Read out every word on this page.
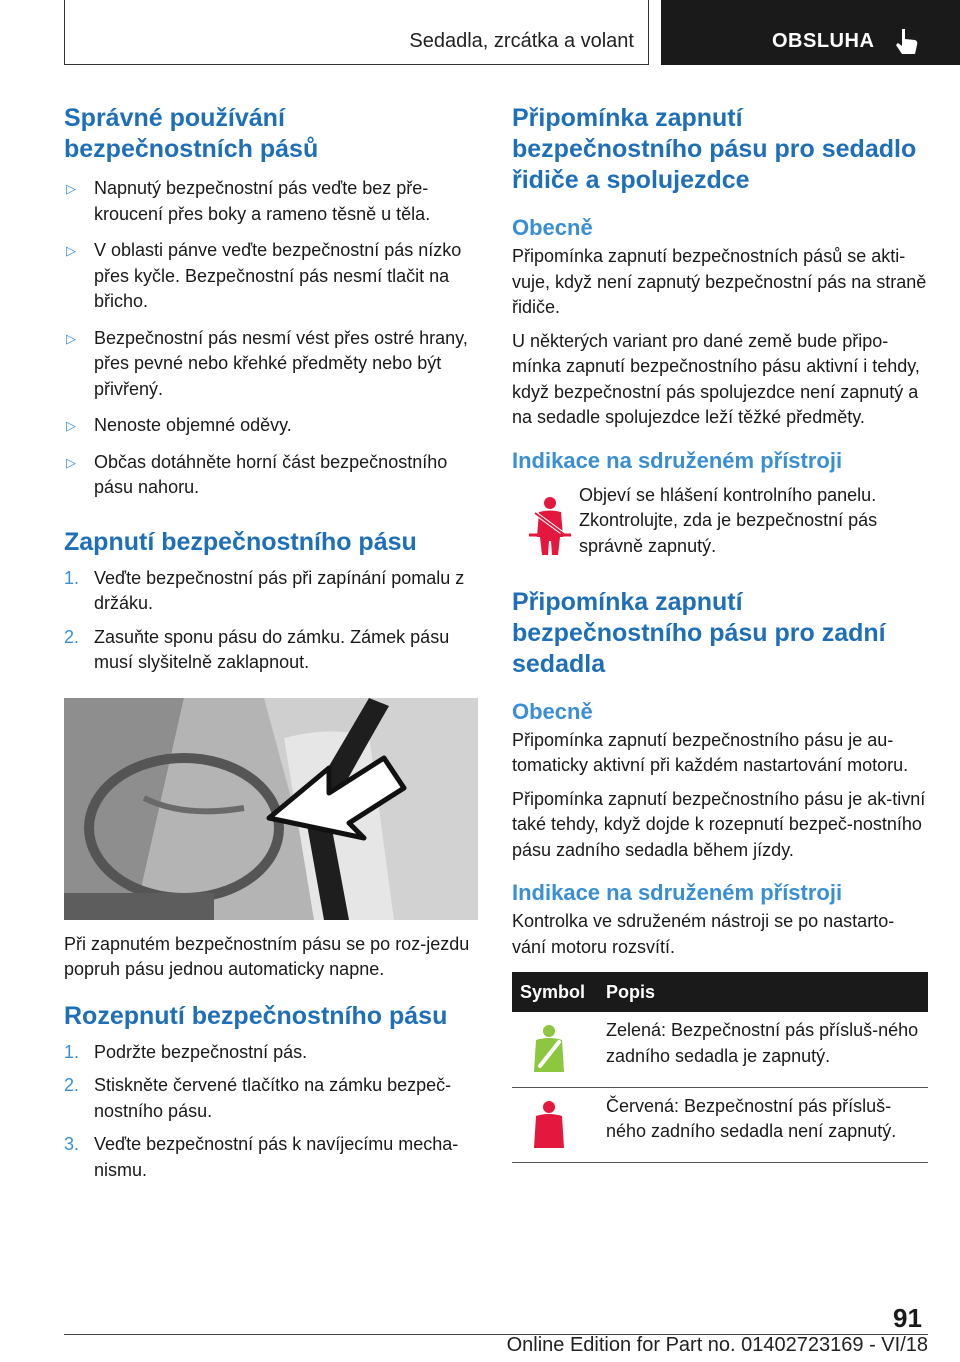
Sedadla, zrcátka a volant	OBSLUHA
Správné používání bezpečnostních pásů
▷ Napnutý bezpečnostní pás veďte bez pře‐kroucení přes boky a rameno těsně u těla.
▷ V oblasti pánve veďte bezpečnostní pás nízko přes kyčle. Bezpečnostní pás nesmí tlačit na břicho.
▷ Bezpečnostní pás nesmí vést přes ostré hrany, přes pevné nebo křehké předměty nebo být přivřený.
▷ Nenoste objemné oděvy.
▷ Občas dotáhněte horní část bezpečnostního pásu nahoru.
Zapnutí bezpečnostního pásu
1. Veďte bezpečnostní pás při zapínání pomalu z držáku.
2. Zasuňte sponu pásu do zámku. Zámek pásu musí slyšitelně zaklapnout.

Při zapnutém bezpečnostním pásu se po roz‐jezdu popruh pásu jednou automaticky napne.

Rozepnutí bezpečnostního pásu
1. Podržte bezpečnostní pás.
2. Stiskněte červené tlačítko na zámku bezpeč‐nostního pásu.
3. Veďte bezpečnostní pás k navíjecímu mecha‐nismu.
Připomínka zapnutí bezpečnostního pásu pro sedadlo řidiče a spolujezdce
Obecně

Připomínka zapnutí bezpečnostních pásů se akti‐vuje, když není zapnutý bezpečnostní pás na straně řidiče.

U některých variant pro dané země bude připo‐mínka zapnutí bezpečnostního pásu aktivní i tehdy, když bezpečnostní pás spolujezdce není zapnutý a na sedadle spolujezdce leží těžké předměty.

Indikace na sdruženém přístroji

Objeví se hlášení kontrolního panelu. Zkontrolujte, zda je bezpečnostní pás správně zapnutý.

Připomínka zapnutí bezpečnostního pásu pro zadní sedadla
Obecně

Připomínka zapnutí bezpečnostního pásu je au‐tomaticky aktivní při každém nastartování motoru.

Připomínka zapnutí bezpečnostního pásu je ak‐tivní také tehdy, když dojde k rozepnutí bezpeč‐nostního pásu zadního sedadla během jízdy.

Indikace na sdruženém přístroji

Kontrolka ve sdruženém nástroji se po nastarto‐vání motoru rozsvítí.

Symbol	Popis

	Zelená: Bezpečnostní pás přísluš‐ného zadního sedadla je zapnutý.

	Červená: Bezpečnostní pás přísluš‐ného zadního sedadla není zapnutý.
91
Online Edition for Part no. 01402723169 - VI/18
